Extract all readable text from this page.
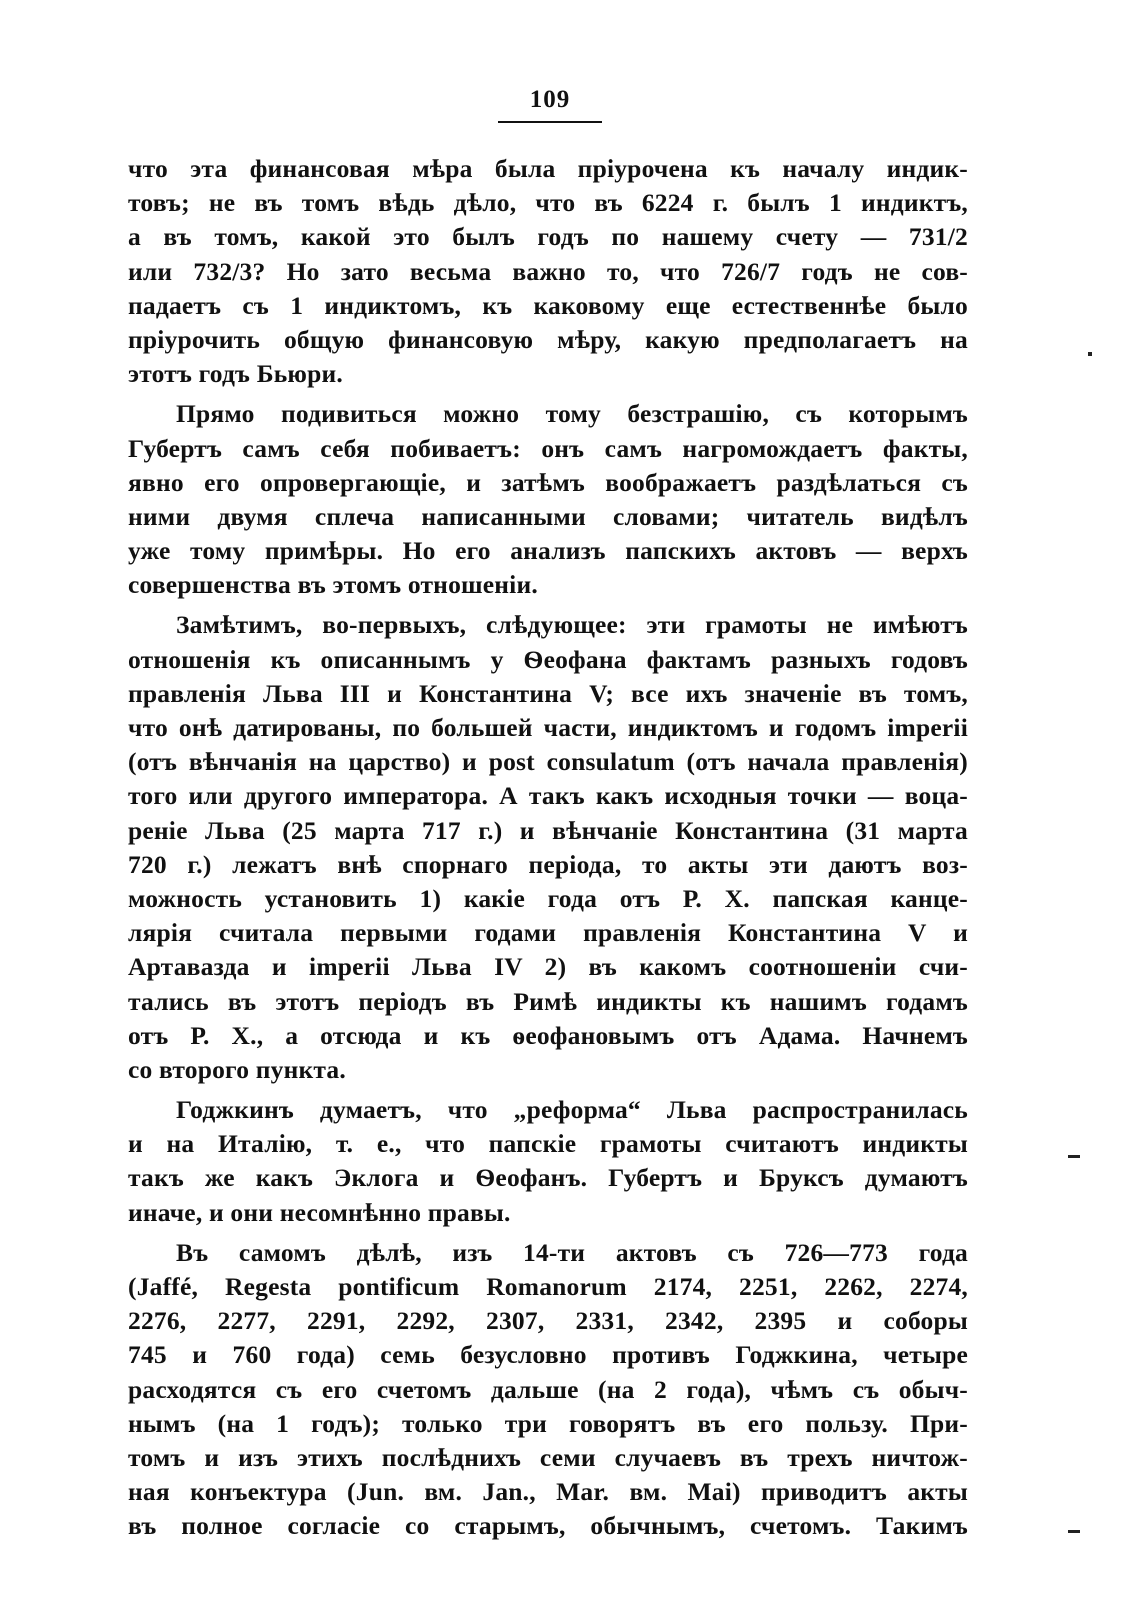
109
что эта финансовая мѣра была пріурочена къ началу индик-
товъ; не въ томъ вѣдь дѣло, что въ 6224 г. былъ 1 индиктъ,
а въ томъ, какой это былъ годъ по нашему счету — 731/2
или 732/3? Но зато весьма важно то, что 726/7 годъ не сов-
падаетъ съ 1 индиктомъ, къ каковому еще естественнѣе было
пріурочить общую финансовую мѣру, какую предполагаетъ на
этотъ годъ Бьюри.
Прямо подивиться можно тому безстрашію, съ которымъ
Губертъ самъ себя побиваетъ: онъ самъ нагромождаетъ факты,
явно его опровергающіе, и затѣмъ воображаетъ раздѣлаться съ
ними двумя сплеча написанными словами; читатель видѣлъ
уже тому примѣры. Но его анализъ папскихъ актовъ — верхъ
совершенства въ этомъ отношеніи.
Замѣтимъ, во-первыхъ, слѣдующее: эти грамоты не имѣютъ
отношенія къ описаннымъ у Ѳеофана фактамъ разныхъ годовъ
правленія Льва III и Константина V; все ихъ значеніе въ томъ,
что онѣ датированы, по большей части, индиктомъ и годомъ imperii
(отъ вѣнчанія на царство) и post consulatum (отъ начала правленія)
того или другого императора. А такъ какъ исходныя точки — воца-
реніе Льва (25 марта 717 г.) и вѣнчаніе Константина (31 марта
720 г.) лежатъ внѣ спорнаго періода, то акты эти даютъ воз-
можность установить 1) какіе года отъ Р. Х. папская канце-
лярія считала первыми годами правленія Константина V и
Артавазда и imperii Льва IV 2) въ какомъ соотношеніи счи-
тались въ этотъ періодъ въ Римѣ индикты къ нашимъ годамъ
отъ Р. Х., а отсюда и къ ѳеофановымъ отъ Адама. Начнемъ
со второго пункта.
Годжкинъ думаетъ, что „реформа“ Льва распространилась
и на Италію, т. е., что папскіе грамоты считаютъ индикты
такъ же какъ Эклога и Ѳеофанъ. Губертъ и Бруксъ думаютъ
иначе, и они несомнѣнно правы.
Въ самомъ дѣлѣ, изъ 14-ти актовъ съ 726—773 года
(Jaffé, Regesta pontificum Romanorum 2174, 2251, 2262, 2274,
2276, 2277, 2291, 2292, 2307, 2331, 2342, 2395 и соборы
745 и 760 года) семь безусловно противъ Годжкина, четыре
расходятся съ его счетомъ дальше (на 2 года), чѣмъ съ обыч-
нымъ (на 1 годъ); только три говорятъ въ его пользу. При-
томъ и изъ этихъ послѣднихъ семи случаевъ въ трехъ ничтож-
ная конъектура (Jun. вм. Jan., Mar. вм. Mai) приводитъ акты
въ полное согласіе со старымъ, обычнымъ, счетомъ. Такимъ
